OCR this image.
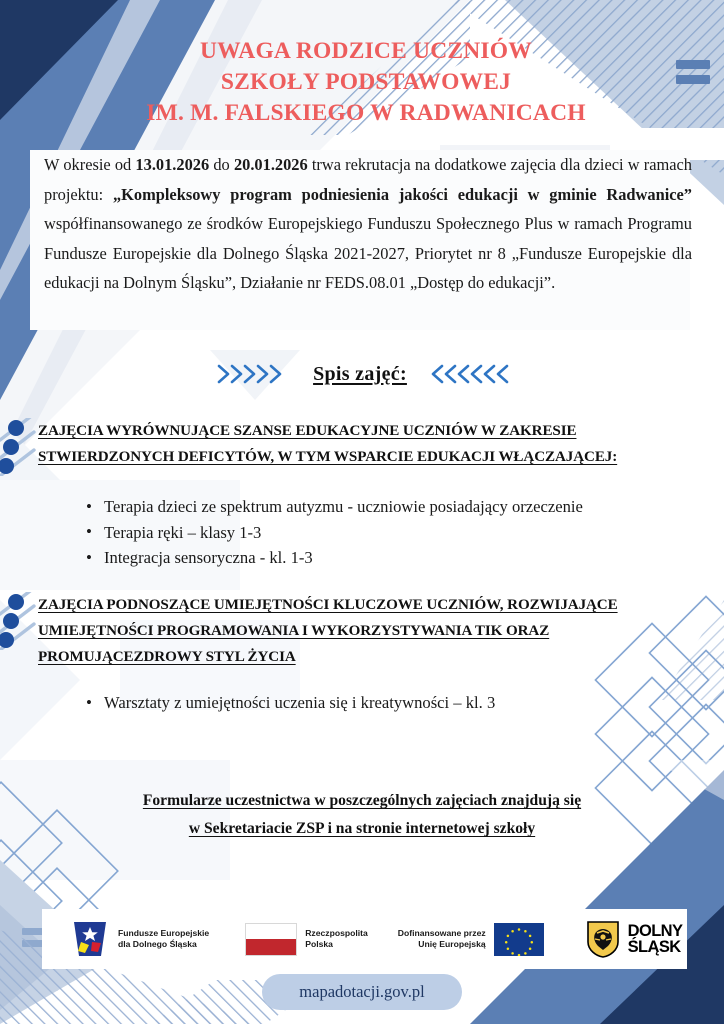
UWAGA RODZICE UCZNIÓW
SZKOŁY PODSTAWOWEJ
IM. M. FALSKIEGO W RADWANICACH

W okresie od 13.01.2026 do 20.01.2026 trwa rekrutacja na dodatkowe zajęcia dla dzieci w ramach projektu: „Kompleksowy program podniesienia jakości edukacji w gminie Radwanice” współfinansowanego ze środków Europejskiego Funduszu Społecznego Plus w ramach Programu Fundusze Europejskie dla Dolnego Śląska 2021-2027, Priorytet nr 8 „Fundusze Europejskie dla edukacji na Dolnym Śląsku”, Działanie nr FEDS.08.01 „Dostęp do edukacji”.

Spis zajęć:
ZAJĘCIA WYRÓWNUJĄCE SZANSE EDUKACYJNE UCZNIÓW W ZAKRESIE
STWIERDZONYCH DEFICYTÓW, W TYM WSPARCIE EDUKACJI WŁĄCZAJĄCEJ:
• Terapia dzieci ze spektrum autyzmu - uczniowie posiadający orzeczenie
• Terapia ręki – klasy 1-3
• Integracja sensoryczna - kl. 1-3
ZAJĘCIA PODNOSZĄCE UMIEJĘTNOŚCI KLUCZOWE UCZNIÓW, ROZWIJAJĄCE
UMIEJĘTNOŚCI PROGRAMOWANIA I WYKORZYSTYWANIA TIK ORAZ
PROMUJĄCEZDROWY STYL ŻYCIA
• Warsztaty z umiejętności uczenia się i kreatywności – kl. 3
Formularze uczestnictwa w poszczególnych zajęciach znajdują się
w Sekretariacie ZSP i na stronie internetowej szkoły
Fundusze Europejskie
dla Dolnego Śląska
Rzeczpospolita
Polska
Dofinansowane przez
Unię Europejską
DOLNY
ŚLĄSK
mapadotacji.gov.pl
